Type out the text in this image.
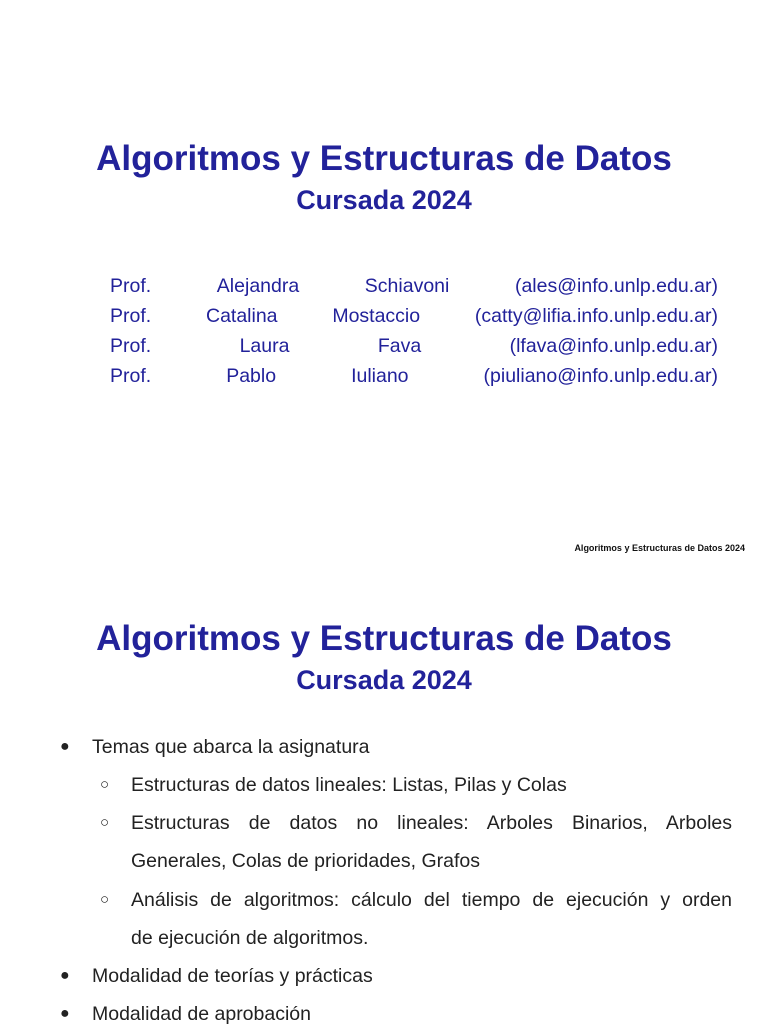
Algoritmos y Estructuras de Datos
Cursada 2024
Prof.	Alejandra	Schiavoni	(ales@info.unlp.edu.ar)
Prof.	Catalina	Mostaccio	(catty@lifia.info.unlp.edu.ar)
Prof.	Laura	Fava	(lfava@info.unlp.edu.ar)
Prof.	Pablo	Iuliano	(piuliano@info.unlp.edu.ar)
Algoritmos y Estructuras de Datos 2024
Algoritmos y Estructuras de Datos
Cursada 2024
● Temas que abarca la asignatura
○ Estructuras de datos lineales: Listas, Pilas y Colas
○ Estructuras de datos no lineales: Arboles Binarios, Arboles
Generales, Colas de prioridades, Grafos
○ Análisis de algoritmos: cálculo del tiempo de ejecución y orden
de ejecución de algoritmos.
● Modalidad de teorías y prácticas
● Modalidad de aprobación
